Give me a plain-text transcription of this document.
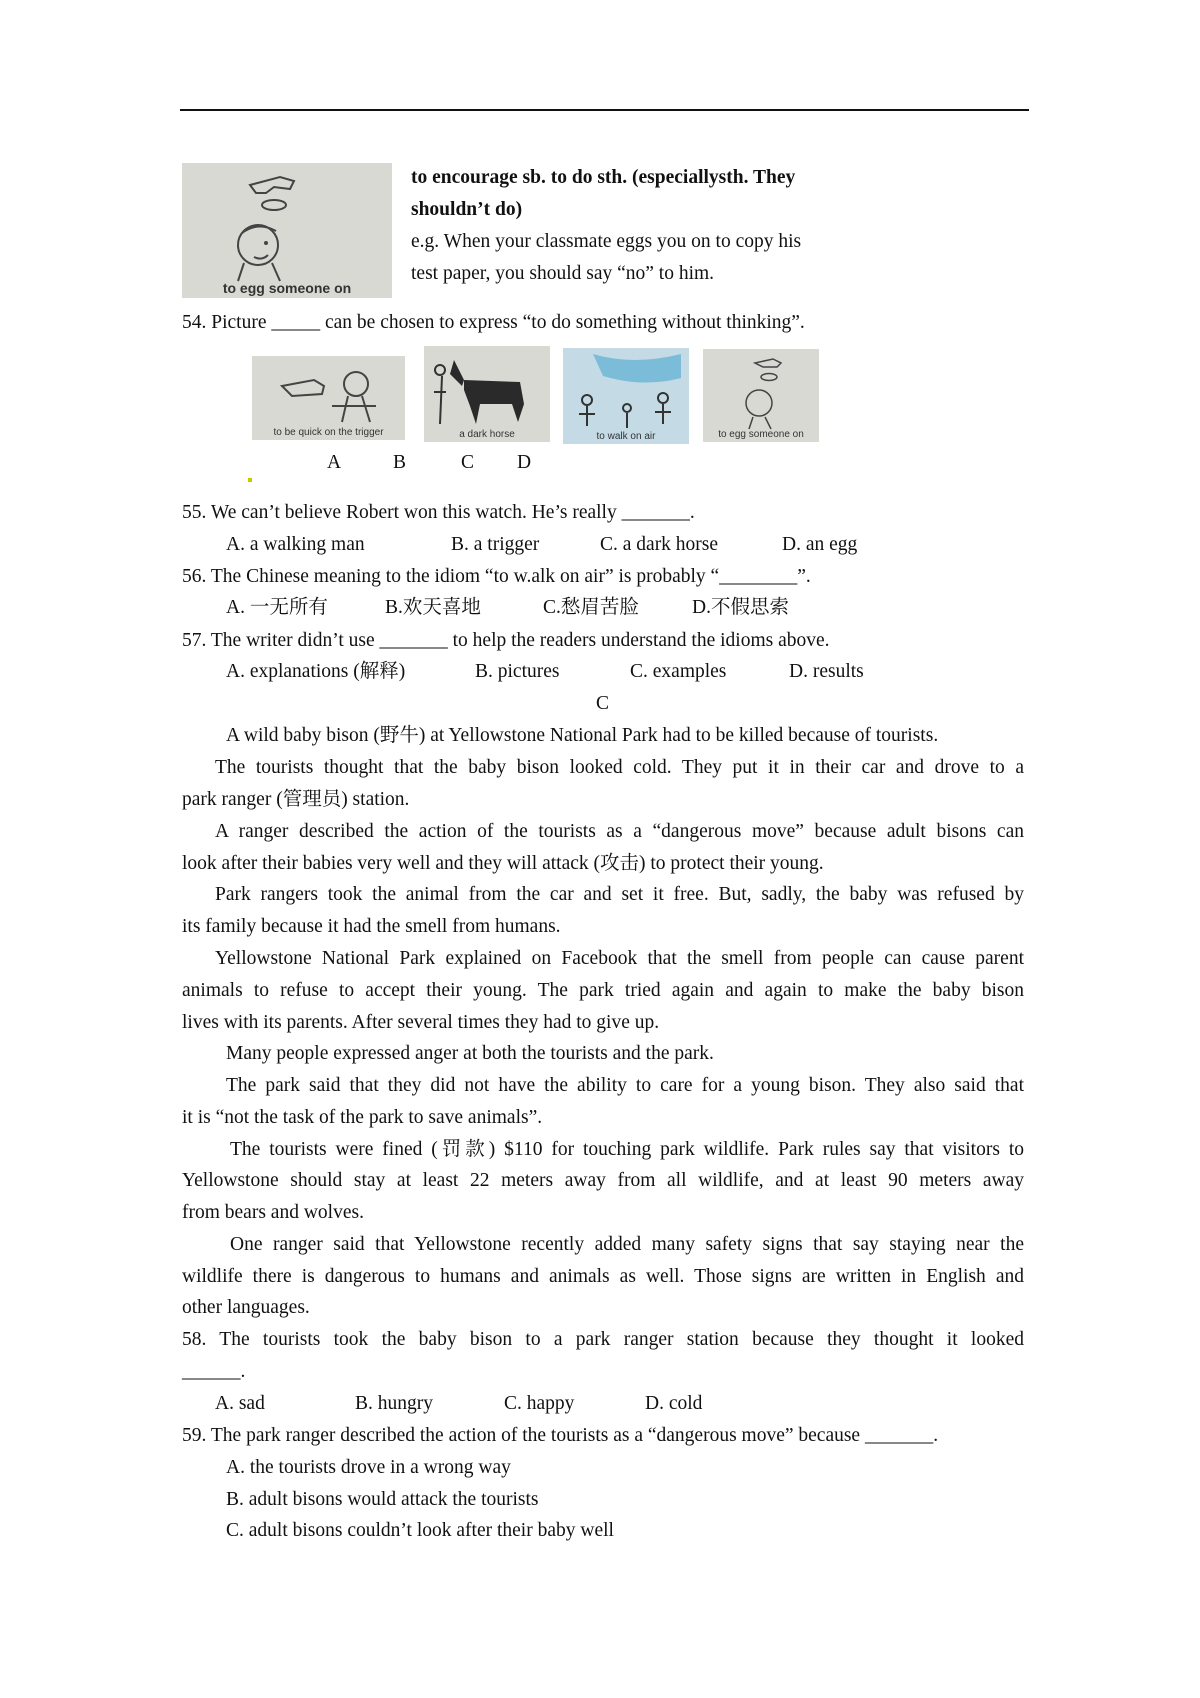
to egg someone on
to encourage sb. to do sth. (especiallysth. They
shouldn’t do)
e.g. When your classmate eggs you on to copy his
test paper, you should say “no” to him.
54. Picture _____ can be chosen to express “to do something without thinking”.
to be quick on the trigger	a dark horse	to walk on air	to egg someone on
A	B	C D
55. We can’t believe Robert won this watch. He’s really _______.
A. a walking man	B. a trigger	C. a dark horse	D. an egg
56. The Chinese meaning to the idiom “to w.alk on air” is probably “________”.
A. 一无所有	B.欢天喜地	C.愁眉苦脸	D.不假思索
57. The writer didn’t use _______ to help the readers understand the idioms above.
A. explanations (解释)	B. pictures	C. examples	D. results
C
A wild baby bison (野牛) at Yellowstone National Park had to be killed because of tourists.
The tourists thought that the baby bison looked cold. They put it in their car and drove to a
park ranger (管理员) station.
A ranger described the action of the tourists as a “dangerous move” because adult bisons can
look after their babies very well and they will attack (攻击) to protect their young.
Park rangers took the animal from the car and set it free. But, sadly, the baby was refused by
its family because it had the smell from humans.
Yellowstone National Park explained on Facebook that the smell from people can cause parent
animals to refuse to accept their young. The park tried again and again to make the baby bison
lives with its parents. After several times they had to give up.
Many people expressed anger at both the tourists and the park.
The park said that they did not have the ability to care for a young bison. They also said that
it is “not the task of the park to save animals”.
The tourists were fined (罚款) $110 for touching park wildlife. Park rules say that visitors to
Yellowstone should stay at least 22 meters away from all wildlife, and at least 90 meters away
from bears and wolves.
One ranger said that Yellowstone recently added many safety signs that say staying near the
wildlife there is dangerous to humans and animals as well. Those signs are written in English and
other languages.
58. The tourists took the baby bison to a park ranger station because they thought it looked
______.
A. sad	B. hungry	C. happy	D. cold
59. The park ranger described the action of the tourists as a “dangerous move” because _______.
A. the tourists drove in a wrong way
B. adult bisons would attack the tourists
C. adult bisons couldn’t look after their baby well
